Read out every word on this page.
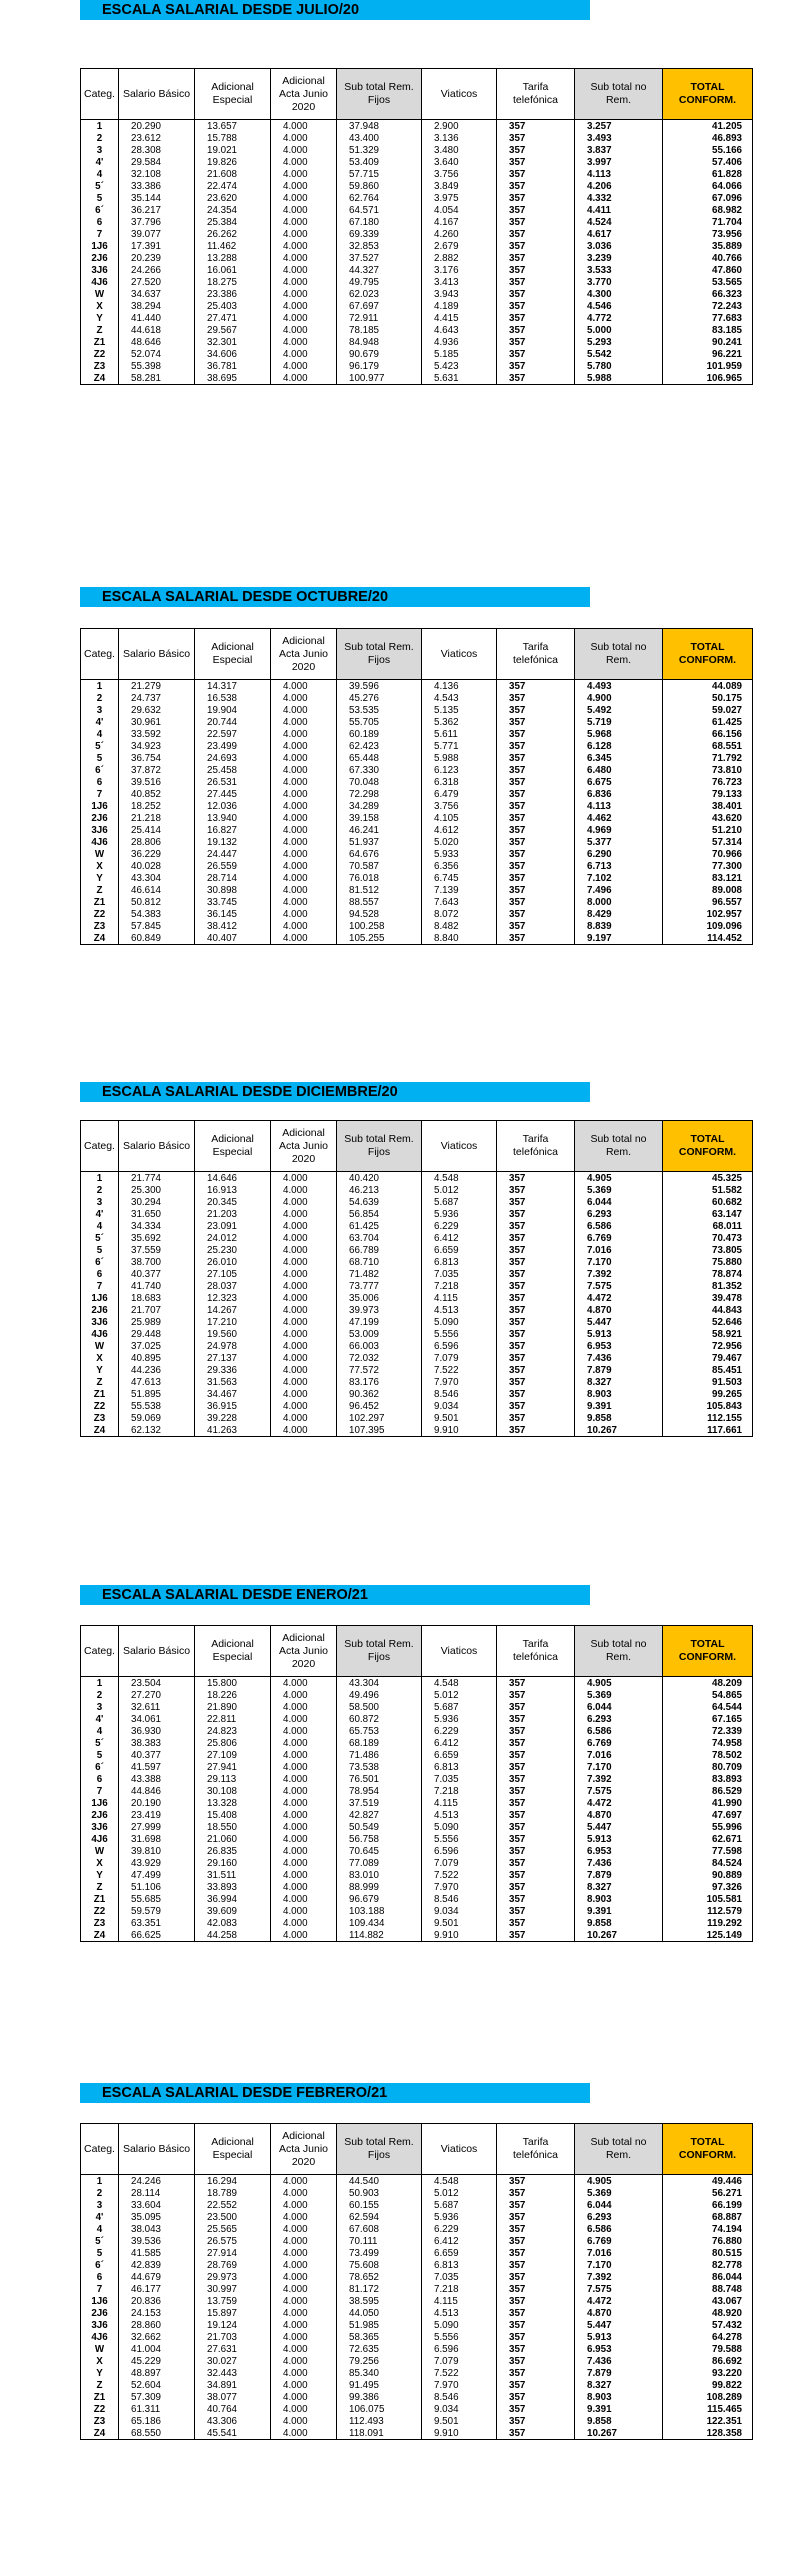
ESCALA SALARIAL DESDE JULIO/20
Categ.	Salario Básico	Adicional Especial	Adicional Acta Junio 2020	Sub total Rem. Fijos	Viaticos	Tarifa telefónica	Sub total no Rem.	TOTAL CONFORM.
1	20.290	13.657	4.000	37.948	2.900	357	3.257	41.205
2	23.612	15.788	4.000	43.400	3.136	357	3.493	46.893
3	28.308	19.021	4.000	51.329	3.480	357	3.837	55.166
4'	29.584	19.826	4.000	53.409	3.640	357	3.997	57.406
4	32.108	21.608	4.000	57.715	3.756	357	4.113	61.828
5´	33.386	22.474	4.000	59.860	3.849	357	4.206	64.066
5	35.144	23.620	4.000	62.764	3.975	357	4.332	67.096
6´	36.217	24.354	4.000	64.571	4.054	357	4.411	68.982
6	37.796	25.384	4.000	67.180	4.167	357	4.524	71.704
7	39.077	26.262	4.000	69.339	4.260	357	4.617	73.956
1J6	17.391	11.462	4.000	32.853	2.679	357	3.036	35.889
2J6	20.239	13.288	4.000	37.527	2.882	357	3.239	40.766
3J6	24.266	16.061	4.000	44.327	3.176	357	3.533	47.860
4J6	27.520	18.275	4.000	49.795	3.413	357	3.770	53.565
W	34.637	23.386	4.000	62.023	3.943	357	4.300	66.323
X	38.294	25.403	4.000	67.697	4.189	357	4.546	72.243
Y	41.440	27.471	4.000	72.911	4.415	357	4.772	77.683
Z	44.618	29.567	4.000	78.185	4.643	357	5.000	83.185
Z1	48.646	32.301	4.000	84.948	4.936	357	5.293	90.241
Z2	52.074	34.606	4.000	90.679	5.185	357	5.542	96.221
Z3	55.398	36.781	4.000	96.179	5.423	357	5.780	101.959
Z4	58.281	38.695	4.000	100.977	5.631	357	5.988	106.965
ESCALA SALARIAL DESDE OCTUBRE/20
Categ.	Salario Básico	Adicional Especial	Adicional Acta Junio 2020	Sub total Rem. Fijos	Viaticos	Tarifa telefónica	Sub total no Rem.	TOTAL CONFORM.
1	21.279	14.317	4.000	39.596	4.136	357	4.493	44.089
2	24.737	16.538	4.000	45.276	4.543	357	4.900	50.175
3	29.632	19.904	4.000	53.535	5.135	357	5.492	59.027
4'	30.961	20.744	4.000	55.705	5.362	357	5.719	61.425
4	33.592	22.597	4.000	60.189	5.611	357	5.968	66.156
5´	34.923	23.499	4.000	62.423	5.771	357	6.128	68.551
5	36.754	24.693	4.000	65.448	5.988	357	6.345	71.792
6´	37.872	25.458	4.000	67.330	6.123	357	6.480	73.810
6	39.516	26.531	4.000	70.048	6.318	357	6.675	76.723
7	40.852	27.445	4.000	72.298	6.479	357	6.836	79.133
1J6	18.252	12.036	4.000	34.289	3.756	357	4.113	38.401
2J6	21.218	13.940	4.000	39.158	4.105	357	4.462	43.620
3J6	25.414	16.827	4.000	46.241	4.612	357	4.969	51.210
4J6	28.806	19.132	4.000	51.937	5.020	357	5.377	57.314
W	36.229	24.447	4.000	64.676	5.933	357	6.290	70.966
X	40.028	26.559	4.000	70.587	6.356	357	6.713	77.300
Y	43.304	28.714	4.000	76.018	6.745	357	7.102	83.121
Z	46.614	30.898	4.000	81.512	7.139	357	7.496	89.008
Z1	50.812	33.745	4.000	88.557	7.643	357	8.000	96.557
Z2	54.383	36.145	4.000	94.528	8.072	357	8.429	102.957
Z3	57.845	38.412	4.000	100.258	8.482	357	8.839	109.096
Z4	60.849	40.407	4.000	105.255	8.840	357	9.197	114.452
ESCALA SALARIAL DESDE DICIEMBRE/20
Categ.	Salario Básico	Adicional Especial	Adicional Acta Junio 2020	Sub total Rem. Fijos	Viaticos	Tarifa telefónica	Sub total no Rem.	TOTAL CONFORM.
1	21.774	14.646	4.000	40.420	4.548	357	4.905	45.325
2	25.300	16.913	4.000	46.213	5.012	357	5.369	51.582
3	30.294	20.345	4.000	54.639	5.687	357	6.044	60.682
4'	31.650	21.203	4.000	56.854	5.936	357	6.293	63.147
4	34.334	23.091	4.000	61.425	6.229	357	6.586	68.011
5´	35.692	24.012	4.000	63.704	6.412	357	6.769	70.473
5	37.559	25.230	4.000	66.789	6.659	357	7.016	73.805
6´	38.700	26.010	4.000	68.710	6.813	357	7.170	75.880
6	40.377	27.105	4.000	71.482	7.035	357	7.392	78.874
7	41.740	28.037	4.000	73.777	7.218	357	7.575	81.352
1J6	18.683	12.323	4.000	35.006	4.115	357	4.472	39.478
2J6	21.707	14.267	4.000	39.973	4.513	357	4.870	44.843
3J6	25.989	17.210	4.000	47.199	5.090	357	5.447	52.646
4J6	29.448	19.560	4.000	53.009	5.556	357	5.913	58.921
W	37.025	24.978	4.000	66.003	6.596	357	6.953	72.956
X	40.895	27.137	4.000	72.032	7.079	357	7.436	79.467
Y	44.236	29.336	4.000	77.572	7.522	357	7.879	85.451
Z	47.613	31.563	4.000	83.176	7.970	357	8.327	91.503
Z1	51.895	34.467	4.000	90.362	8.546	357	8.903	99.265
Z2	55.538	36.915	4.000	96.452	9.034	357	9.391	105.843
Z3	59.069	39.228	4.000	102.297	9.501	357	9.858	112.155
Z4	62.132	41.263	4.000	107.395	9.910	357	10.267	117.661
ESCALA SALARIAL DESDE ENERO/21
Categ.	Salario Básico	Adicional Especial	Adicional Acta Junio 2020	Sub total Rem. Fijos	Viaticos	Tarifa telefónica	Sub total no Rem.	TOTAL CONFORM.
1	23.504	15.800	4.000	43.304	4.548	357	4.905	48.209
2	27.270	18.226	4.000	49.496	5.012	357	5.369	54.865
3	32.611	21.890	4.000	58.500	5.687	357	6.044	64.544
4'	34.061	22.811	4.000	60.872	5.936	357	6.293	67.165
4	36.930	24.823	4.000	65.753	6.229	357	6.586	72.339
5´	38.383	25.806	4.000	68.189	6.412	357	6.769	74.958
5	40.377	27.109	4.000	71.486	6.659	357	7.016	78.502
6´	41.597	27.941	4.000	73.538	6.813	357	7.170	80.709
6	43.388	29.113	4.000	76.501	7.035	357	7.392	83.893
7	44.846	30.108	4.000	78.954	7.218	357	7.575	86.529
1J6	20.190	13.328	4.000	37.519	4.115	357	4.472	41.990
2J6	23.419	15.408	4.000	42.827	4.513	357	4.870	47.697
3J6	27.999	18.550	4.000	50.549	5.090	357	5.447	55.996
4J6	31.698	21.060	4.000	56.758	5.556	357	5.913	62.671
W	39.810	26.835	4.000	70.645	6.596	357	6.953	77.598
X	43.929	29.160	4.000	77.089	7.079	357	7.436	84.524
Y	47.499	31.511	4.000	83.010	7.522	357	7.879	90.889
Z	51.106	33.893	4.000	88.999	7.970	357	8.327	97.326
Z1	55.685	36.994	4.000	96.679	8.546	357	8.903	105.581
Z2	59.579	39.609	4.000	103.188	9.034	357	9.391	112.579
Z3	63.351	42.083	4.000	109.434	9.501	357	9.858	119.292
Z4	66.625	44.258	4.000	114.882	9.910	357	10.267	125.149
ESCALA SALARIAL DESDE FEBRERO/21
Categ.	Salario Básico	Adicional Especial	Adicional Acta Junio 2020	Sub total Rem. Fijos	Viaticos	Tarifa telefónica	Sub total no Rem.	TOTAL CONFORM.
1	24.246	16.294	4.000	44.540	4.548	357	4.905	49.446
2	28.114	18.789	4.000	50.903	5.012	357	5.369	56.271
3	33.604	22.552	4.000	60.155	5.687	357	6.044	66.199
4'	35.095	23.500	4.000	62.594	5.936	357	6.293	68.887
4	38.043	25.565	4.000	67.608	6.229	357	6.586	74.194
5´	39.536	26.575	4.000	70.111	6.412	357	6.769	76.880
5	41.585	27.914	4.000	73.499	6.659	357	7.016	80.515
6´	42.839	28.769	4.000	75.608	6.813	357	7.170	82.778
6	44.679	29.973	4.000	78.652	7.035	357	7.392	86.044
7	46.177	30.997	4.000	81.172	7.218	357	7.575	88.748
1J6	20.836	13.759	4.000	38.595	4.115	357	4.472	43.067
2J6	24.153	15.897	4.000	44.050	4.513	357	4.870	48.920
3J6	28.860	19.124	4.000	51.985	5.090	357	5.447	57.432
4J6	32.662	21.703	4.000	58.365	5.556	357	5.913	64.278
W	41.004	27.631	4.000	72.635	6.596	357	6.953	79.588
X	45.229	30.027	4.000	79.256	7.079	357	7.436	86.692
Y	48.897	32.443	4.000	85.340	7.522	357	7.879	93.220
Z	52.604	34.891	4.000	91.495	7.970	357	8.327	99.822
Z1	57.309	38.077	4.000	99.386	8.546	357	8.903	108.289
Z2	61.311	40.764	4.000	106.075	9.034	357	9.391	115.465
Z3	65.186	43.306	4.000	112.493	9.501	357	9.858	122.351
Z4	68.550	45.541	4.000	118.091	9.910	357	10.267	128.358
